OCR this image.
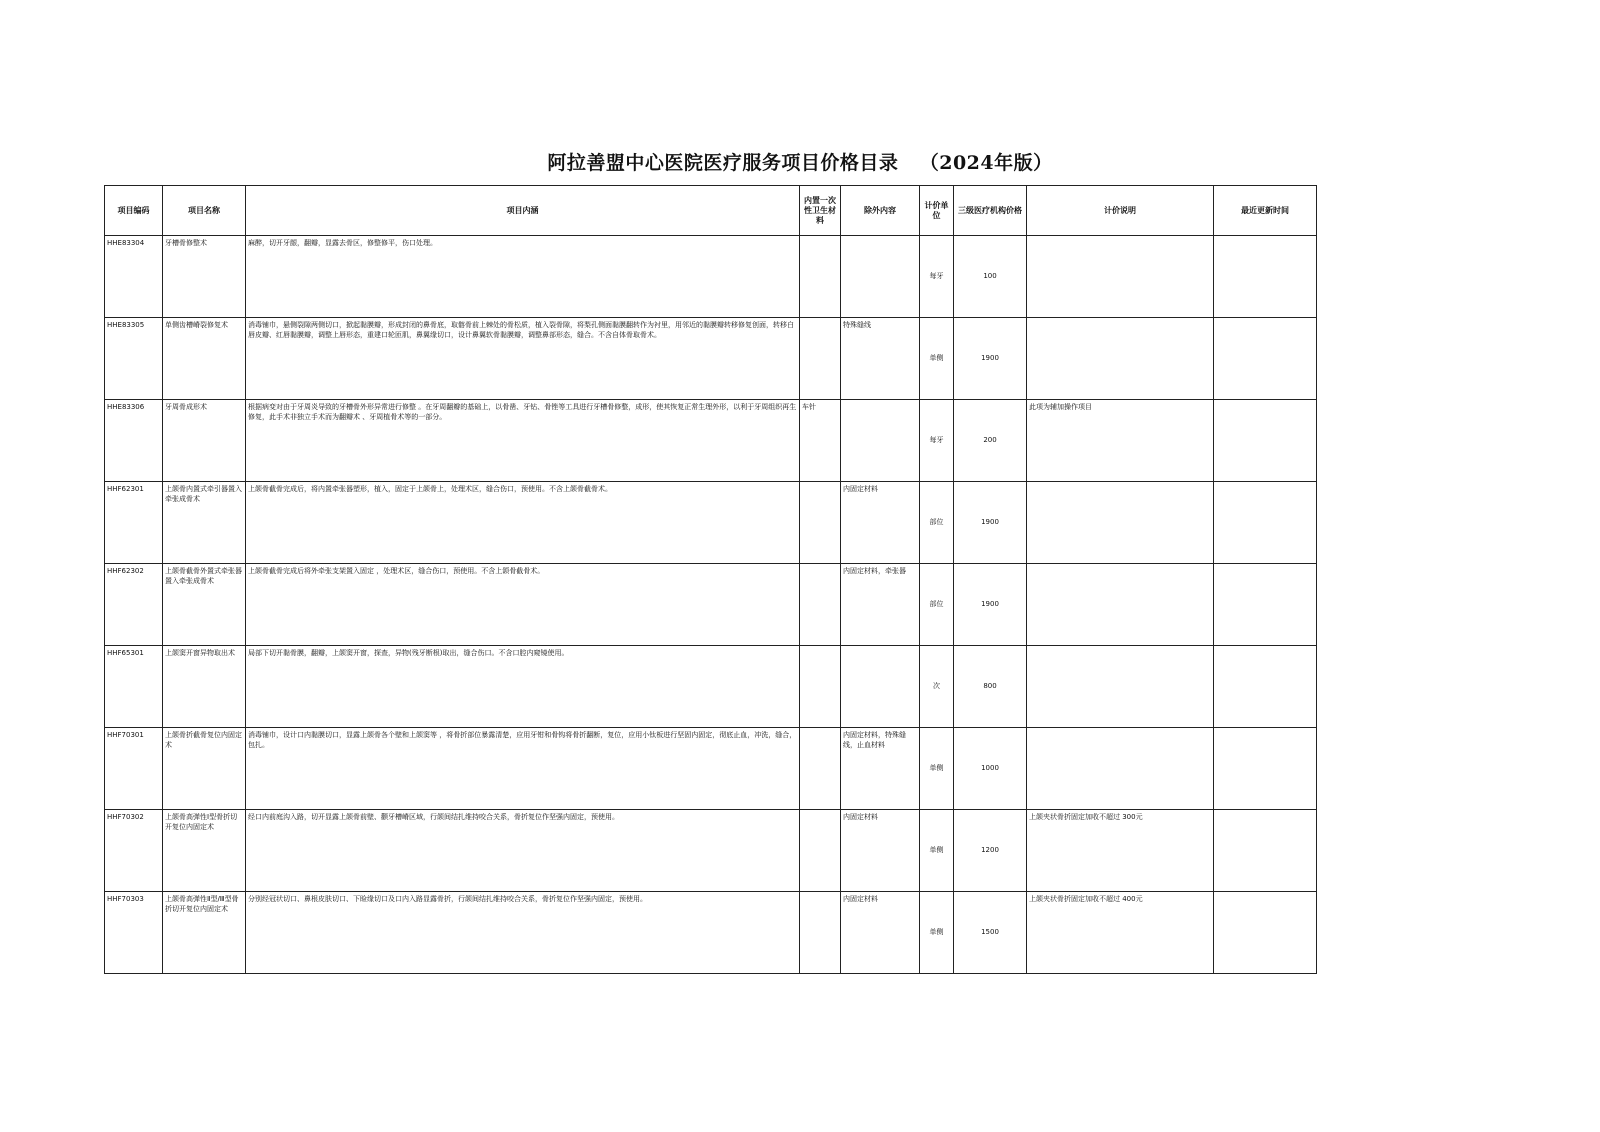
阿拉善盟中心医院医疗服务项目价格目录   （2024年版）
项目编码	项目名称	项目内涵	内置一次性卫生材料	除外内容	计价单位	三级医疗机构价格	计价说明	最近更新时间
HHE83304	牙槽骨修整术	麻醉，切开牙龈，翻瓣，显露去骨区，修整修平，伤口处理。			每牙	100		
HHE83305	单侧齿槽嵴裂修复术	消毒铺巾，悬侧裂隙两侧切口，掀起黏膜瓣，形成封闭的鼻骨底，取髂骨前上棘处的骨松质，植入裂骨隙，将梨孔侧面黏膜翻转作为衬里，用邻近的黏膜瓣转移修复创面，转移白唇皮瓣、红唇黏膜瓣，调整上唇形态，重建口轮匝肌，鼻翼缘切口，设计鼻翼软骨黏膜瓣，调整鼻部形态，缝合。不含自体骨取骨术。		特殊缝线	单侧	1900		
HHE83306	牙周骨成形术	根据病变对由于牙周炎导致的牙槽骨外形异常进行修整 。在牙周翻瓣的基础上，以骨凿、牙钻、骨锉等工具进行牙槽骨修整，成形，使其恢复正常生理外形，以利于牙周组织再生修复，此手术非独立手术而为翻瓣术 、牙周植骨术等的一部分。	车针		每牙	200	此项为辅加操作项目	
HHF62301	上颌骨内置式牵引器置入牵张成骨术	上颌骨截骨完成后，将内置牵张器塑形，植入，固定于上颌骨上，处理术区，缝合伤口，预使用。不含上颌骨截骨术。		内固定材料	部位	1900		
HHF62302	上颌骨截骨外置式牵张器置入牵张成骨术	上颌骨截骨完成后将外牵张支架置入固定 ，处理术区，缝合伤口，预使用。不含上颌骨截骨术。		内固定材料，牵张器	部位	1900		
HHF65301	上颌窦开窗异物取出术	局部下切开黏骨膜，翻瓣，上颌窦开窗，探查，异物(残牙断根)取出，缝合伤口。不含口腔内窥镜使用。			次	800		
HHF70301	上颌骨折截骨复位内固定术	消毒铺巾，设计口内黏膜切口，显露上颌骨各个壁和上颌窦等 ，将骨折部位暴露清楚，应用牙钳和骨钩将骨折翻断，复位，应用小钛板进行坚固内固定，彻底止血，冲洗，缝合，包扎。		内固定材料，特殊缝线，止血材料	单侧	1000		
HHF70302	上颌骨高弹性Ⅰ型骨折切开复位内固定术	经口内前庭沟入路，切开显露上颌骨前壁、颧牙槽嵴区域，行颌间结扎维持咬合关系，骨折复位作坚强内固定，预使用。		内固定材料	单侧	1200	上颌夹状骨折固定加收不超过 300元	
HHF70303	上颌骨高弹性Ⅱ型/Ⅲ型骨折切开复位内固定术	分别经冠状切口、鼻根皮肤切口、下睑缘切口及口内入路显露骨折，行颌间结扎维持咬合关系，骨折复位作坚强内固定，预使用。		内固定材料	单侧	1500	上颌夹状骨折固定加收不超过 400元	
